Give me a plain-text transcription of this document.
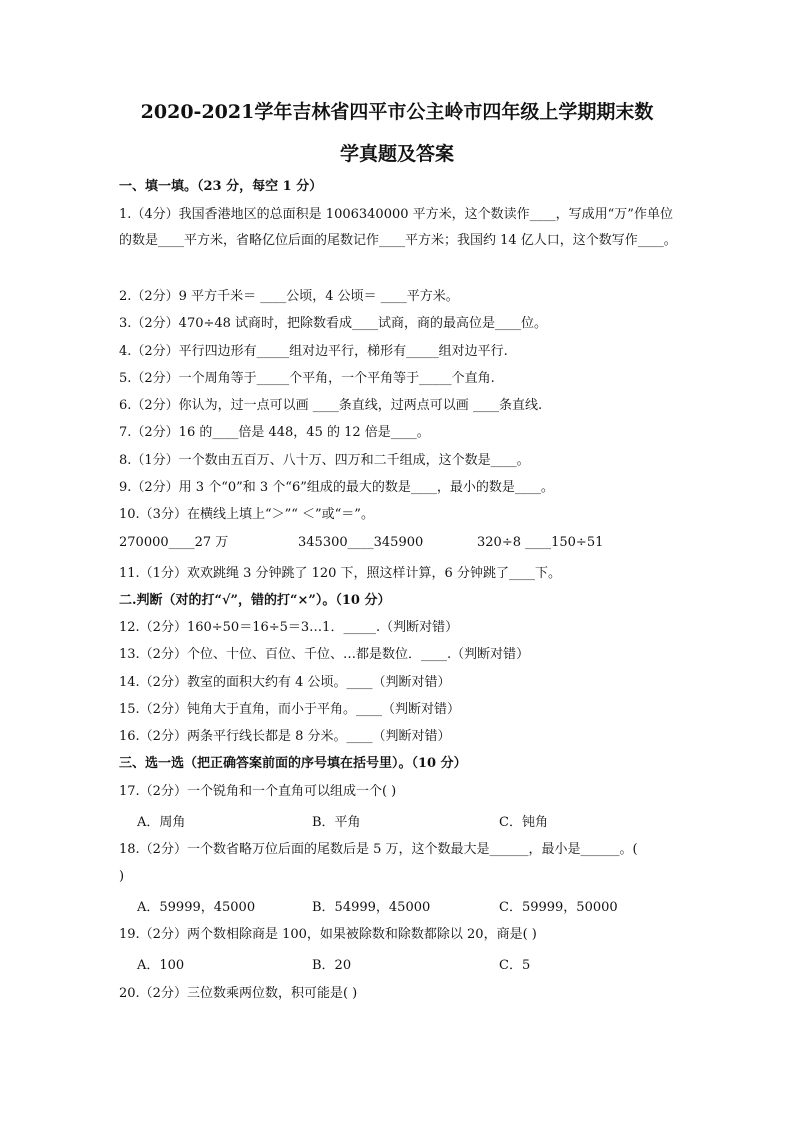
2020-2021学年吉林省四平市公主岭市四年级上学期期末数

学真题及答案

一、填一填。（23 分，每空 1 分）
1.（4分）我国香港地区的总面积是 1006340000 平方米，这个数读作____，写成用“万”作单位的数是____平方米，省略亿位后面的尾数记作____平方米；我国约 14 亿人口，这个数写作____。
2.（2分）9 平方千米＝ ____公顷，4 公顷＝ ____平方米。
3.（2分）470÷48 试商时，把除数看成____试商，商的最高位是____位。
4.（2分）平行四边形有_____组对边平行，梯形有_____组对边平行.
5.（2分）一个周角等于_____个平角，一个平角等于_____个直角.
6.（2分）你认为，过一点可以画 ____条直线，过两点可以画 ____条直线.
7.（2分）16 的____倍是 448，45 的 12 倍是____。
8.（1分）一个数由五百万、八十万、四万和二千组成，这个数是____。
9.（2分）用 3 个“0”和 3 个“6”组成的最大的数是____，最小的数是____。
10.（3分）在横线上填上“＞”“ ＜”或“＝”。
270000____27 万	345300____345900	320÷8 ____150÷51
11.（1分）欢欢跳绳 3 分钟跳了 120 下，照这样计算，6 分钟跳了____下。
二.判断（对的打“√”，错的打“×”）。（10 分）
12.（2分）160÷50＝16÷5＝3…1．_____.（判断对错）
13.（2分）个位、十位、百位、千位、…都是数位．____.（判断对错）
14.（2分）教室的面积大约有 4 公顷。____（判断对错）
15.（2分）钝角大于直角，而小于平角。____（判断对错）
16.（2分）两条平行线长都是 8 分米。____（判断对错）
三、选一选（把正确答案前面的序号填在括号里）。（10 分）
17.（2分）一个锐角和一个直角可以组成一个( )
A．周角	B．平角	C．钝角
18.（2分）一个数省略万位后面的尾数后是 5 万，这个数最大是______，最小是______。(
)
A．59999，45000	B．54999，45000	C．59999，50000
19.（2分）两个数相除商是 100，如果被除数和除数都除以 20，商是( )
A．100	B．20	C．5
20.（2分）三位数乘两位数，积可能是( )
